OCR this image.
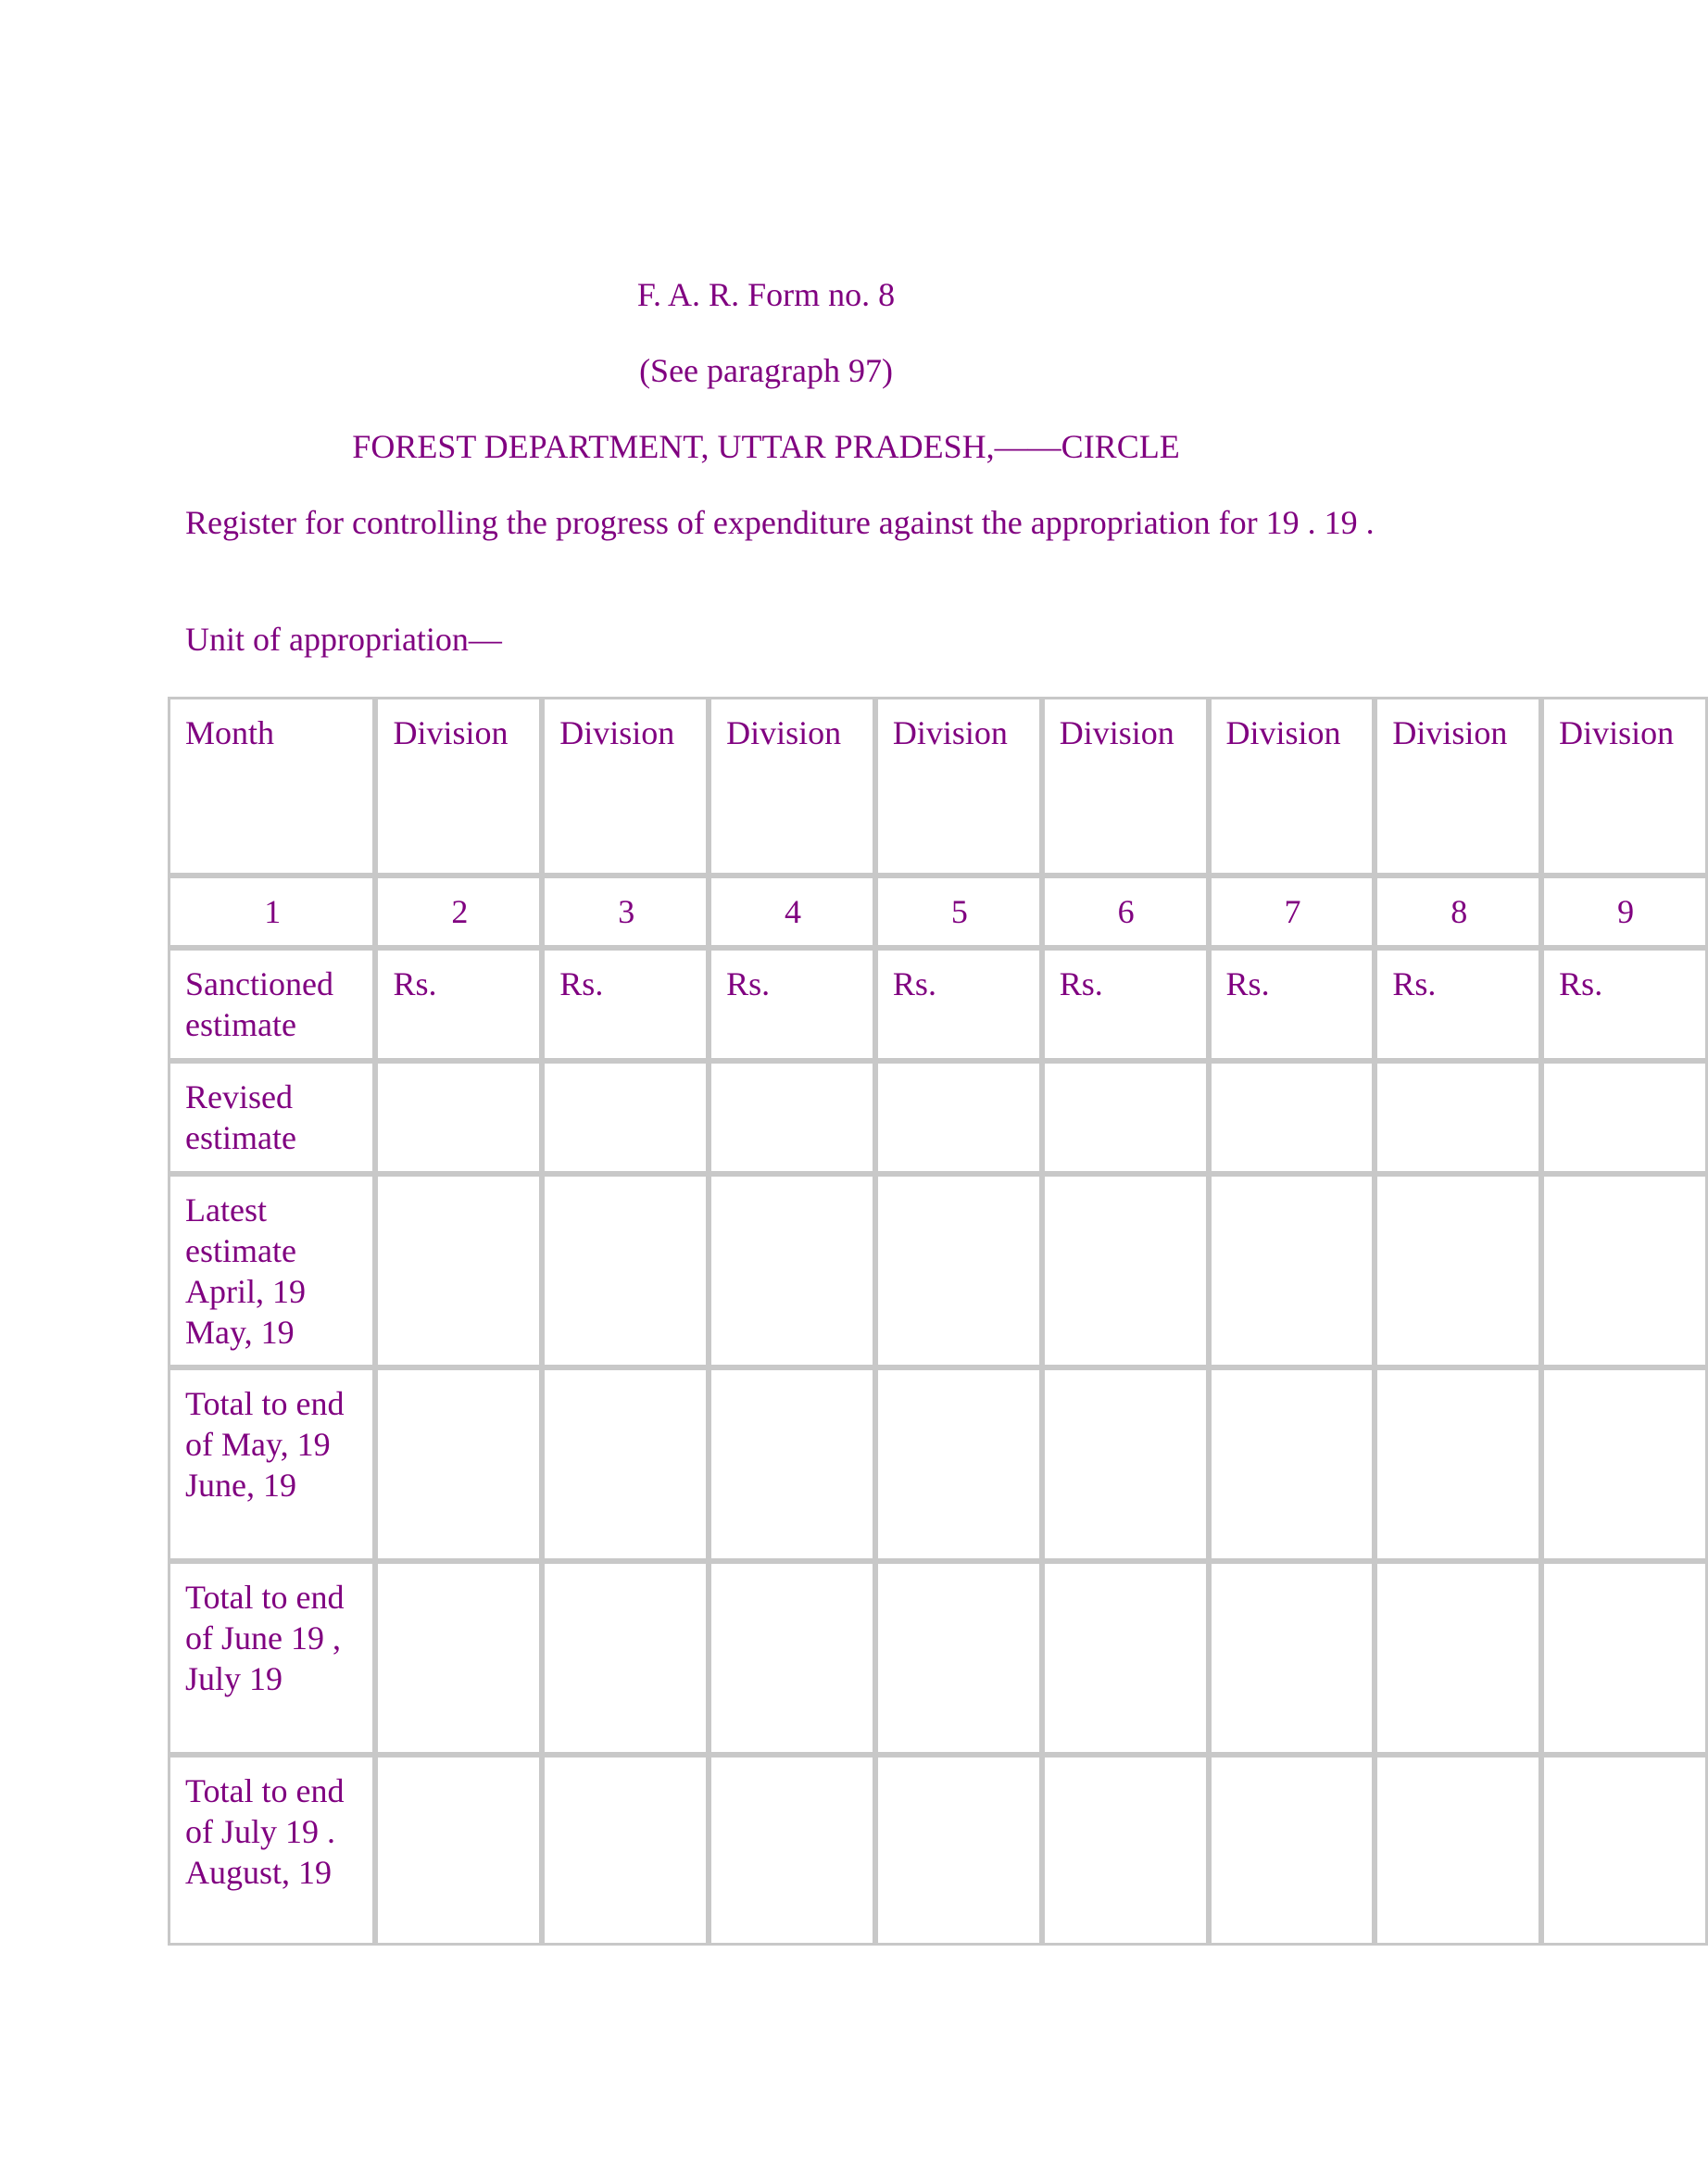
F. A. R. Form no. 8
(See paragraph 97)
FOREST DEPARTMENT, UTTAR PRADESH,——CIRCLE
Register for controlling the progress of expenditure against the appropriation for 19 . 19 .
Unit of appropriation—
Month	Division	Division	Division	Division	Division	Division	Division	Division
1	2	3	4	5	6	7	8	9
Sanctioned estimate	Rs.	Rs.	Rs.	Rs.	Rs.	Rs.	Rs.	Rs.
Revised estimate								
Latest estimate April, 19 May, 19								
Total to end of May, 19 June, 19								
Total to end of June 19 , July 19								
Total to end of July 19 . August, 19								
